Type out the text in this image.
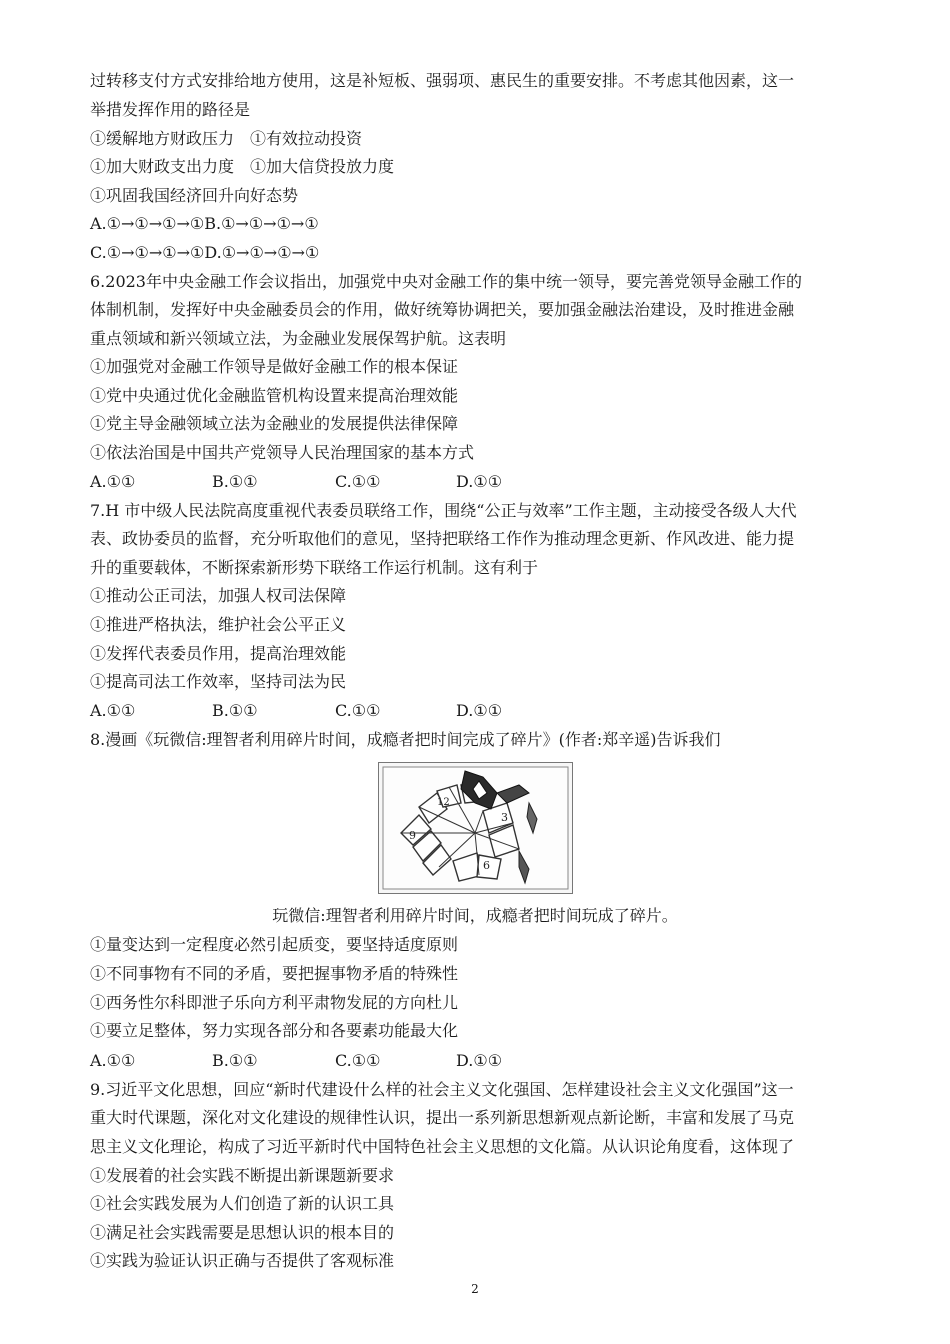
过转移支付方式安排给地方使用，这是补短板、强弱项、惠民生的重要安排。不考虑其他因素，这一
举措发挥作用的路径是
①缓解地方财政压力　①有效拉动投资
①加大财政支出力度　①加大信贷投放力度
①巩固我国经济回升向好态势
A.①→①→①→①B.①→①→①→①
C.①→①→①→①D.①→①→①→①
6.2023年中央金融工作会议指出，加强党中央对金融工作的集中统一领导，要完善党领导金融工作的
体制机制，发挥好中央金融委员会的作用，做好统筹协调把关，要加强金融法治建设，及时推进金融
重点领域和新兴领域立法，为金融业发展保驾护航。这表明
①加强党对金融工作领导是做好金融工作的根本保证
①党中央通过优化金融监管机构设置来提高治理效能
①党主导金融领域立法为金融业的发展提供法律保障
①依法治国是中国共产党领导人民治理国家的基本方式
A.①①	B.①①	C.①①	D.①①
7.H 市中级人民法院高度重视代表委员联络工作，围绕“公正与效率”工作主题，主动接受各级人大代
表、政协委员的监督，充分听取他们的意见，坚持把联络工作作为推动理念更新、作风改进、能力提
升的重要载体，不断探索新形势下联络工作运行机制。这有利于
①推动公正司法，加强人权司法保障
①推进严格执法，维护社会公平正义
①发挥代表委员作用，提高治理效能
①提高司法工作效率，坚持司法为民
A.①①	B.①①	C.①①	D.①①
8.漫画《玩微信:理智者利用碎片时间，成瘾者把时间完成了碎片》(作者:郑辛遥)告诉我们
12
3
6
9
玩微信:理智者利用碎片时间，成瘾者把时间玩成了碎片。
①量变达到一定程度必然引起质变，要坚持适度原则
①不同事物有不同的矛盾，要把握事物矛盾的特殊性
①西务性尔科即泄子乐向方利平肃物发屁的方向杜儿
①要立足整体，努力实现各部分和各要素功能最大化
A.①①	B.①①	C.①①	D.①①
9.习近平文化思想，回应“新时代建设什么样的社会主义文化强国、怎样建设社会主义文化强国”这一
重大时代课题，深化对文化建设的规律性认识，提出一系列新思想新观点新论断，丰富和发展了马克
思主义文化理论，构成了习近平新时代中国特色社会主义思想的文化篇。从认识论角度看，这体现了
①发展着的社会实践不断提出新课题新要求
①社会实践发展为人们创造了新的认识工具
①满足社会实践需要是思想认识的根本目的
①实践为验证认识正确与否提供了客观标准
2
